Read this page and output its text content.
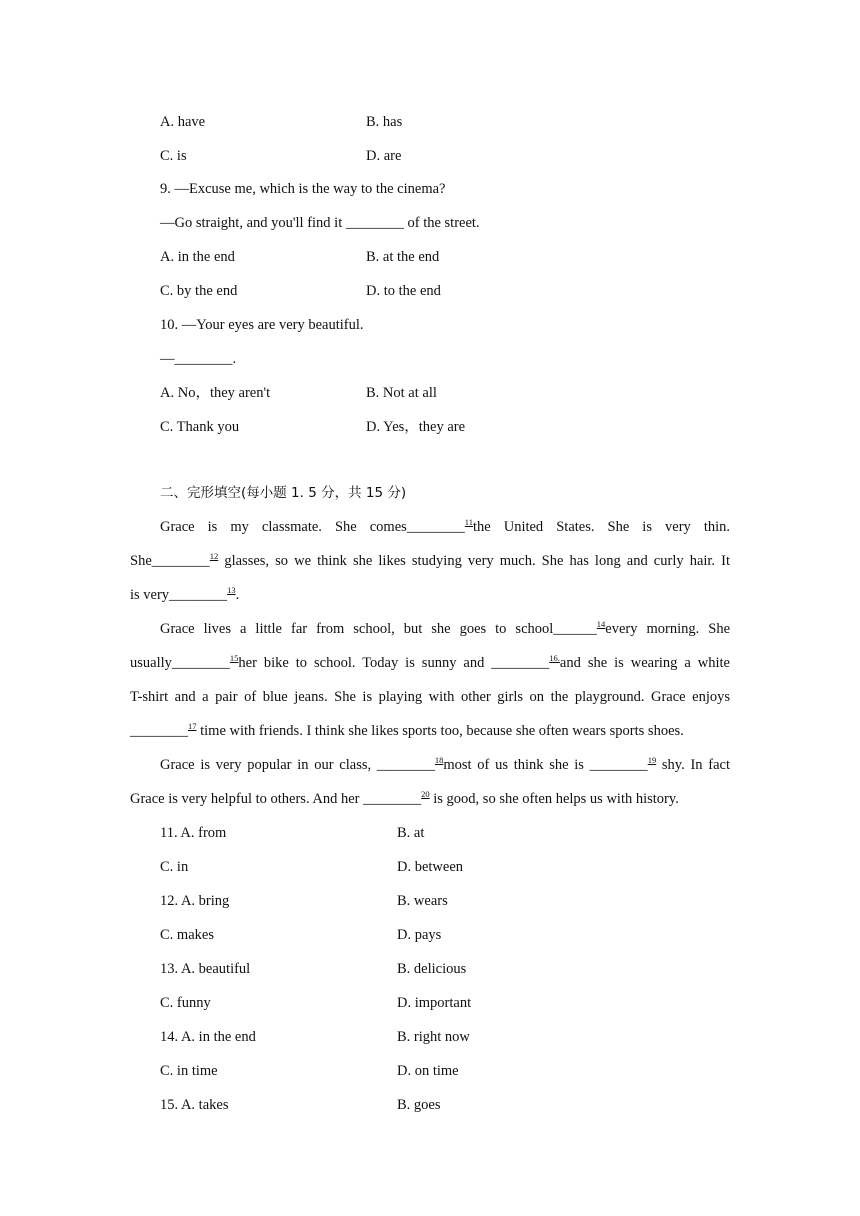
A. have	B. has
C. is	D. are
9. —Excuse me, which is the way to the cinema?
—Go straight, and you'll find it ________ of the street.
A. in the end	B. at the end
C. by the end	D. to the end
10. —Your eyes are very beautiful.
—________.
A. No，they aren't	B. Not at all
C. Thank you	D. Yes，they are
二、完形填空(每小题 1. 5 分，共 15 分)
Grace is my classmate. She comes________$^{11}$the United States. She is very thin.
She________$^{12}$ glasses, so we think she likes studying very much. She has long and curly hair. It
is very________$^{13}$.
Grace lives a little far from school, but she goes to school______$^{14}$every morning. She
usually________$^{15}$her bike to school. Today is sunny and ________$^{16.}$and she is wearing a white
T-shirt and a pair of blue jeans. She is playing with other girls on the playground. Grace enjoys
________$^{17}$ time with friends. I think she likes sports too, because she often wears sports shoes.
Grace is very popular in our class, ________$^{18}$most of us think she is ________$^{19}$ shy. In fact
Grace is very helpful to others. And her ________$^{20}$ is good, so she often helps us with history.
11. A. from	B. at
C. in	D. between
12. A. bring	B. wears
C. makes	D. pays
13. A. beautiful	B. delicious
C. funny	D. important
14. A. in the end	B. right now
C. in time	D. on time
15. A. takes	B. goes
